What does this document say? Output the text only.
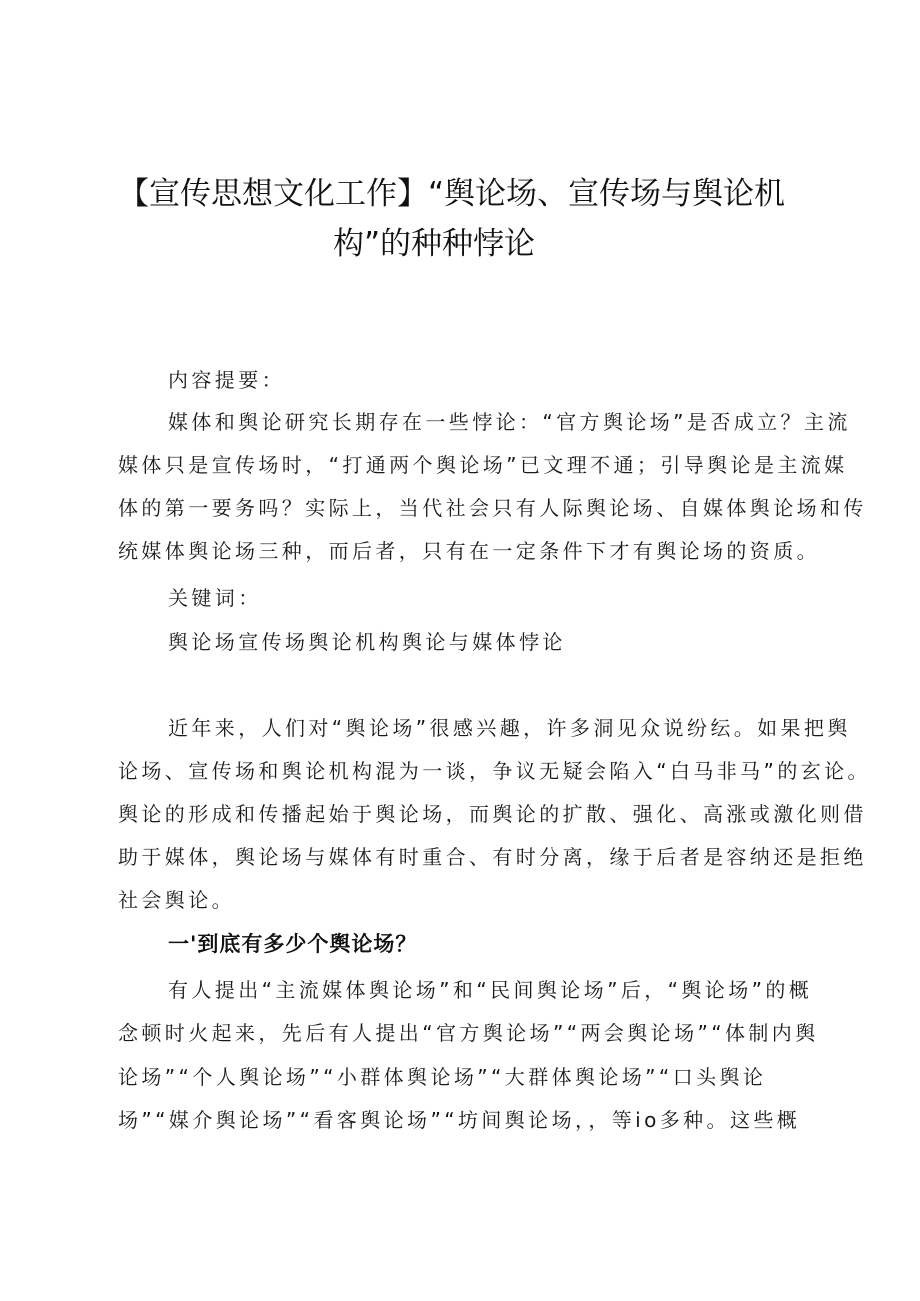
【宣传思想文化工作】“舆论场、宣传场与舆论机
构”的种种悖论
内容提要：
媒体和舆论研究长期存在一些悖论：“官方舆论场”是否成立？主流
媒体只是宣传场时，“打通两个舆论场”已文理不通；引导舆论是主流媒
体的第一要务吗？实际上，当代社会只有人际舆论场、自媒体舆论场和传
统媒体舆论场三种，而后者，只有在一定条件下才有舆论场的资质。
关键词：
舆论场宣传场舆论机构舆论与媒体悖论
近年来，人们对“舆论场”很感兴趣，许多洞见众说纷纭。如果把舆
论场、宣传场和舆论机构混为一谈，争议无疑会陷入“白马非马”的玄论。
舆论的形成和传播起始于舆论场，而舆论的扩散、强化、高涨或激化则借
助于媒体，舆论场与媒体有时重合、有时分离，缘于后者是容纳还是拒绝
社会舆论。
一'到底有多少个舆论场？
有人提出“主流媒体舆论场”和“民间舆论场”后，“舆论场”的概
念顿时火起来，先后有人提出“官方舆论场”“两会舆论场”“体制内舆
论场”“个人舆论场”“小群体舆论场”“大群体舆论场”“口头舆论
场”“媒介舆论场”“看客舆论场”“坊间舆论场，，等io多种。这些概
